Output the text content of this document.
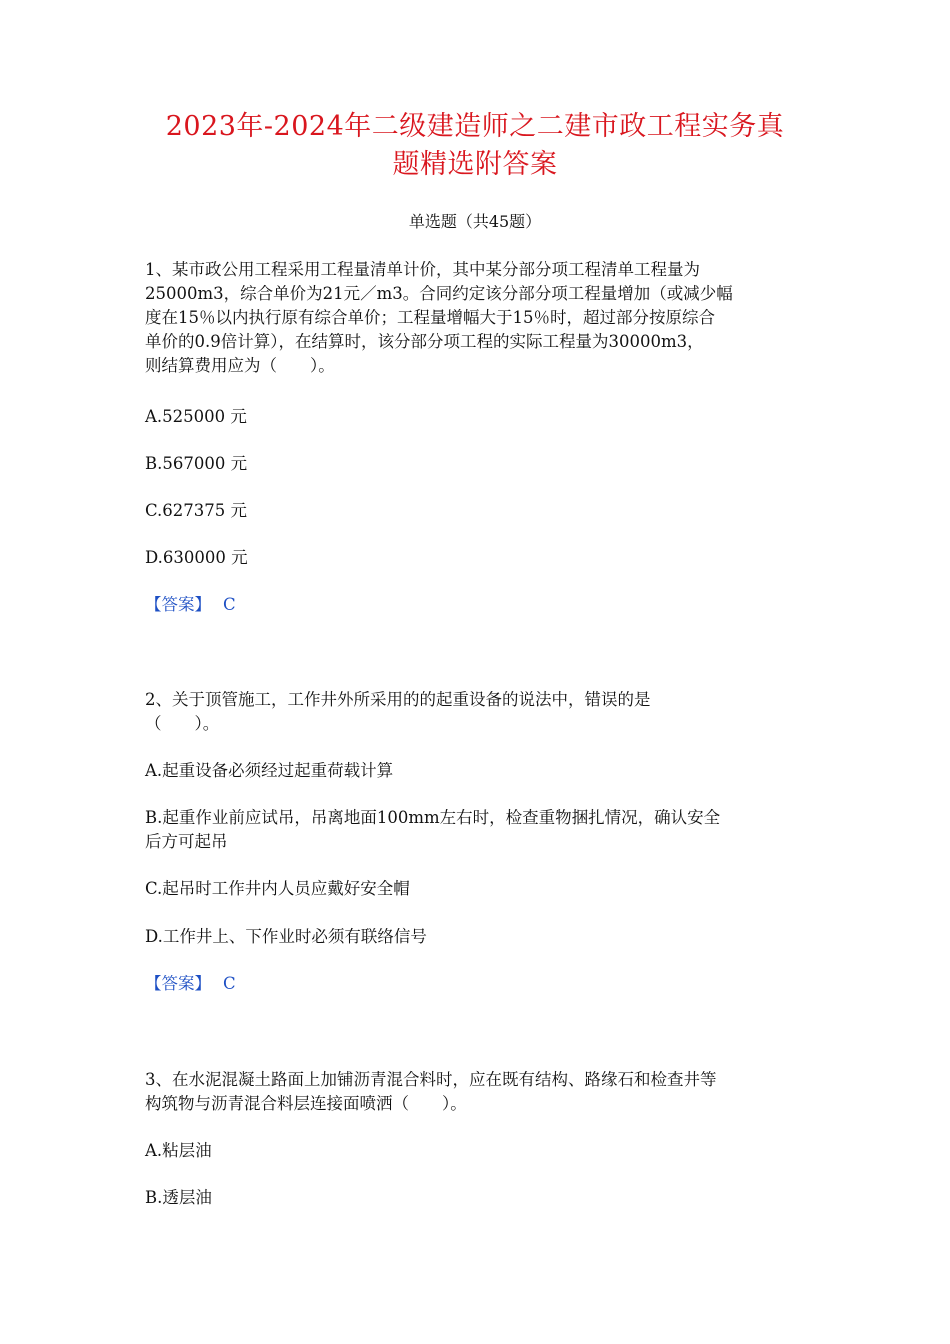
2023年-2024年二级建造师之二建市政工程实务真
题精选附答案
单选题（共45题）
1、某市政公用工程采用工程量清单计价，其中某分部分项工程清单工程量为
25000m3，综合单价为21元／m3。合同约定该分部分项工程量增加（或减少幅
度在15％以内执行原有综合单价；工程量增幅大于15％时，超过部分按原综合
单价的0.9倍计算），在结算时，该分部分项工程的实际工程量为30000m3，
则结算费用应为（　　）。
A.525000 元
B.567000 元
C.627375 元
D.630000 元
【答案】 C
2、关于顶管施工，工作井外所采用的的起重设备的说法中，错误的是
（　　）。
A.起重设备必须经过起重荷载计算
B.起重作业前应试吊，吊离地面100mm左右时，检查重物捆扎情况，确认安全
后方可起吊
C.起吊时工作井内人员应戴好安全帽
D.工作井上、下作业时必须有联络信号
【答案】 C
3、在水泥混凝土路面上加铺沥青混合料时，应在既有结构、路缘石和检查井等
构筑物与沥青混合料层连接面喷洒（　　）。
A.粘层油
B.透层油
